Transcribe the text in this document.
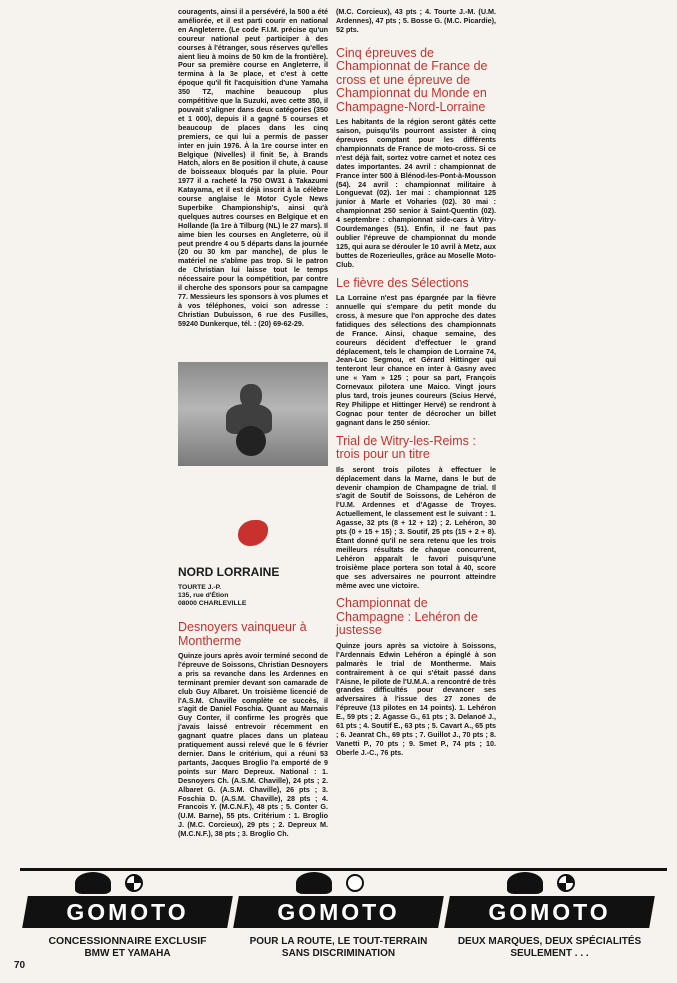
couragents, ainsi il a persévéré, la 500 a été améliorée, et il est parti courir en national en Angleterre. (Le code F.I.M. précise qu'un coureur national peut participer à des courses à l'étranger, sous réserves qu'elles aient lieu à moins de 50 km de la frontière). Pour sa première course en Angleterre, il termina à la 3e place, et c'est à cette époque qu'il fit l'acquisition d'une Yamaha 350 TZ, machine beaucoup plus compétitive que la Suzuki, avec cette 350, il pouvait s'aligner dans deux catégories (350 et 1 000), depuis il a gagné 5 courses et beaucoup de places dans les cinq premiers, ce qui lui a permis de passer inter en juin 1976. À la 1re course inter en Belgique (Nivelles) il finit 5e, à Brands Hatch, alors en 8e position il chute, à cause de boisseaux bloqués par la pluie. Pour 1977 il a racheté la 750 OW31 à Takazumi Katayama, et il est déjà inscrit à la célèbre course anglaise le Motor Cycle News Superbike Championship's, ainsi qu'à quelques autres courses en Belgique et en Hollande (la 1re à Tilburg (NL) le 27 mars). Il aime bien les courses en Angleterre, où il peut prendre 4 ou 5 départs dans la journée (20 ou 30 km par manche), de plus le matériel ne s'abîme pas trop. Si le patron de Christian lui laisse tout le temps nécessaire pour la compétition, par contre il cherche des sponsors pour sa campagne 77. Messieurs les sponsors à vos plumes et à vos téléphones, voici son adresse : Christian Dubuisson, 6 rue des Fusilles, 59240 Dunkerque, tél. : (20) 69-62-29.
NORD LORRAINE
TOURTE J.-P.
135, rue d'Étion
08000 CHARLEVILLE
Desnoyers vainqueur à Montherme
Quinze jours après avoir terminé second de l'épreuve de Soissons, Christian Desnoyers a pris sa revanche dans les Ardennes en terminant premier devant son camarade de club Guy Albaret. Un troisième licencié de l'A.S.M. Chaville complète ce succès, il s'agit de Daniel Foschia. Quant au Marnais Guy Conter, il confirme les progrès que j'avais laissé entrevoir récemment en gagnant quatre places dans un plateau pratiquement aussi relevé que le 6 février dernier. Dans le critérium, qui a réuni 53 partants, Jacques Broglio l'a emporté de 9 points sur Marc Depreux. National : 1. Desnoyers Ch. (A.S.M. Chaville), 24 pts ; 2. Albaret G. (A.S.M. Chaville), 26 pts ; 3. Foschia D. (A.S.M. Chaville), 28 pts ; 4. Francois Y. (M.C.N.F.), 48 pts ; 5. Conter G. (U.M. Barne), 55 pts. Critérium : 1. Broglio J. (M.C. Corcieux), 29 pts ; 2. Depreux M. (M.C.N.F.), 38 pts ; 3. Broglio Ch.
(M.C. Corcieux), 43 pts ; 4. Tourte J.-M. (U.M. Ardennes), 47 pts ; 5. Bosse G. (M.C. Picardie), 52 pts.
Cinq épreuves de Championnat de France de cross et une épreuve de Championnat du Monde en Champagne-Nord-Lorraine
Les habitants de la région seront gâtés cette saison, puisqu'ils pourront assister à cinq épreuves comptant pour les différents championnats de France de moto-cross. Si ce n'est déjà fait, sortez votre carnet et notez ces dates importantes. 24 avril : championnat de France inter 500 à Blénod-les-Pont-à-Mousson (54). 24 avril : championnat militaire à Longuevat (02). 1er mai : championnat 125 junior à Marle et Voharies (02). 30 mai : championnat 250 senior à Saint-Quentin (02). 4 septembre : championnat side-cars à Vitry-Courdemanges (51). Enfin, il ne faut pas oublier l'épreuve de championnat du monde 125, qui aura se dérouler le 10 avril à Metz, aux buttes de Rozerieulles, grâce au Moselle Moto-Club.
Le fièvre des Sélections
La Lorraine n'est pas épargnée par la fièvre annuelle qui s'empare du petit monde du cross, à mesure que l'on approche des dates fatidiques des sélections des championnats de France. Ainsi, chaque semaine, des coureurs décident d'effectuer le grand déplacement, tels le champion de Lorraine 74, Jean-Luc Segmou, et Gérard Hittinger qui tenteront leur chance en inter à Gasny avec une « Yam » 125 ; pour sa part, François Cornevaux pilotera une Maico. Vingt jours plus tard, trois jeunes coureurs (Scius Hervé, Rey Philippe et Hittinger Hervé) se rendront à Cognac pour tenter de décrocher un billet gagnant dans le 250 sénior.
Trial de Witry-les-Reims : trois pour un titre
Ils seront trois pilotes à effectuer le déplacement dans la Marne, dans le but de devenir champion de Champagne de trial. Il s'agit de Soutif de Soissons, de Lehéron de l'U.M. Ardennes et d'Agasse de Troyes. Actuellement, le classement est le suivant : 1. Agasse, 32 pts (8 + 12 + 12) ; 2. Lehéron, 30 pts (0 + 15 + 15) ; 3. Soutif, 25 pts (15 + 2 + 8). Étant donné qu'il ne sera retenu que les trois meilleurs résultats de chaque concurrent, Lehéron apparaît le favori puisqu'une troisième place portera son total à 40, score que ses adversaires ne pourront atteindre même avec une victoire.
Championnat de Champagne : Lehéron de justesse
Quinze jours après sa victoire à Soissons, l'Ardennais Edwin Lehéron a épinglé à son palmarès le trial de Montherme. Mais contrairement à ce qui s'était passé dans l'Aisne, le pilote de l'U.M.A. a rencontré de très grandes difficultés pour devancer ses adversaires à l'issue des 27 zones de l'épreuve (13 pilotes en 14 points). 1. Lehéron E., 59 pts ; 2. Agasse G., 61 pts ; 3. Delanoë J., 61 pts ; 4. Soutif E., 63 pts ; 5. Cavart A., 65 pts ; 6. Jeanrat Ch., 69 pts ; 7. Guillot J., 70 pts ; 8. Vanetti P., 70 pts ; 9. Smet P., 74 pts ; 10. Oberle J.-C., 76 pts.
GOMOTO
CONCESSIONNAIRE EXCLUSIF
BMW ET YAMAHA
GOMOTO
POUR LA ROUTE, LE TOUT-TERRAIN
SANS DISCRIMINATION
GOMOTO
DEUX MARQUES, DEUX SPÉCIALITÉS
SEULEMENT . . .
70
